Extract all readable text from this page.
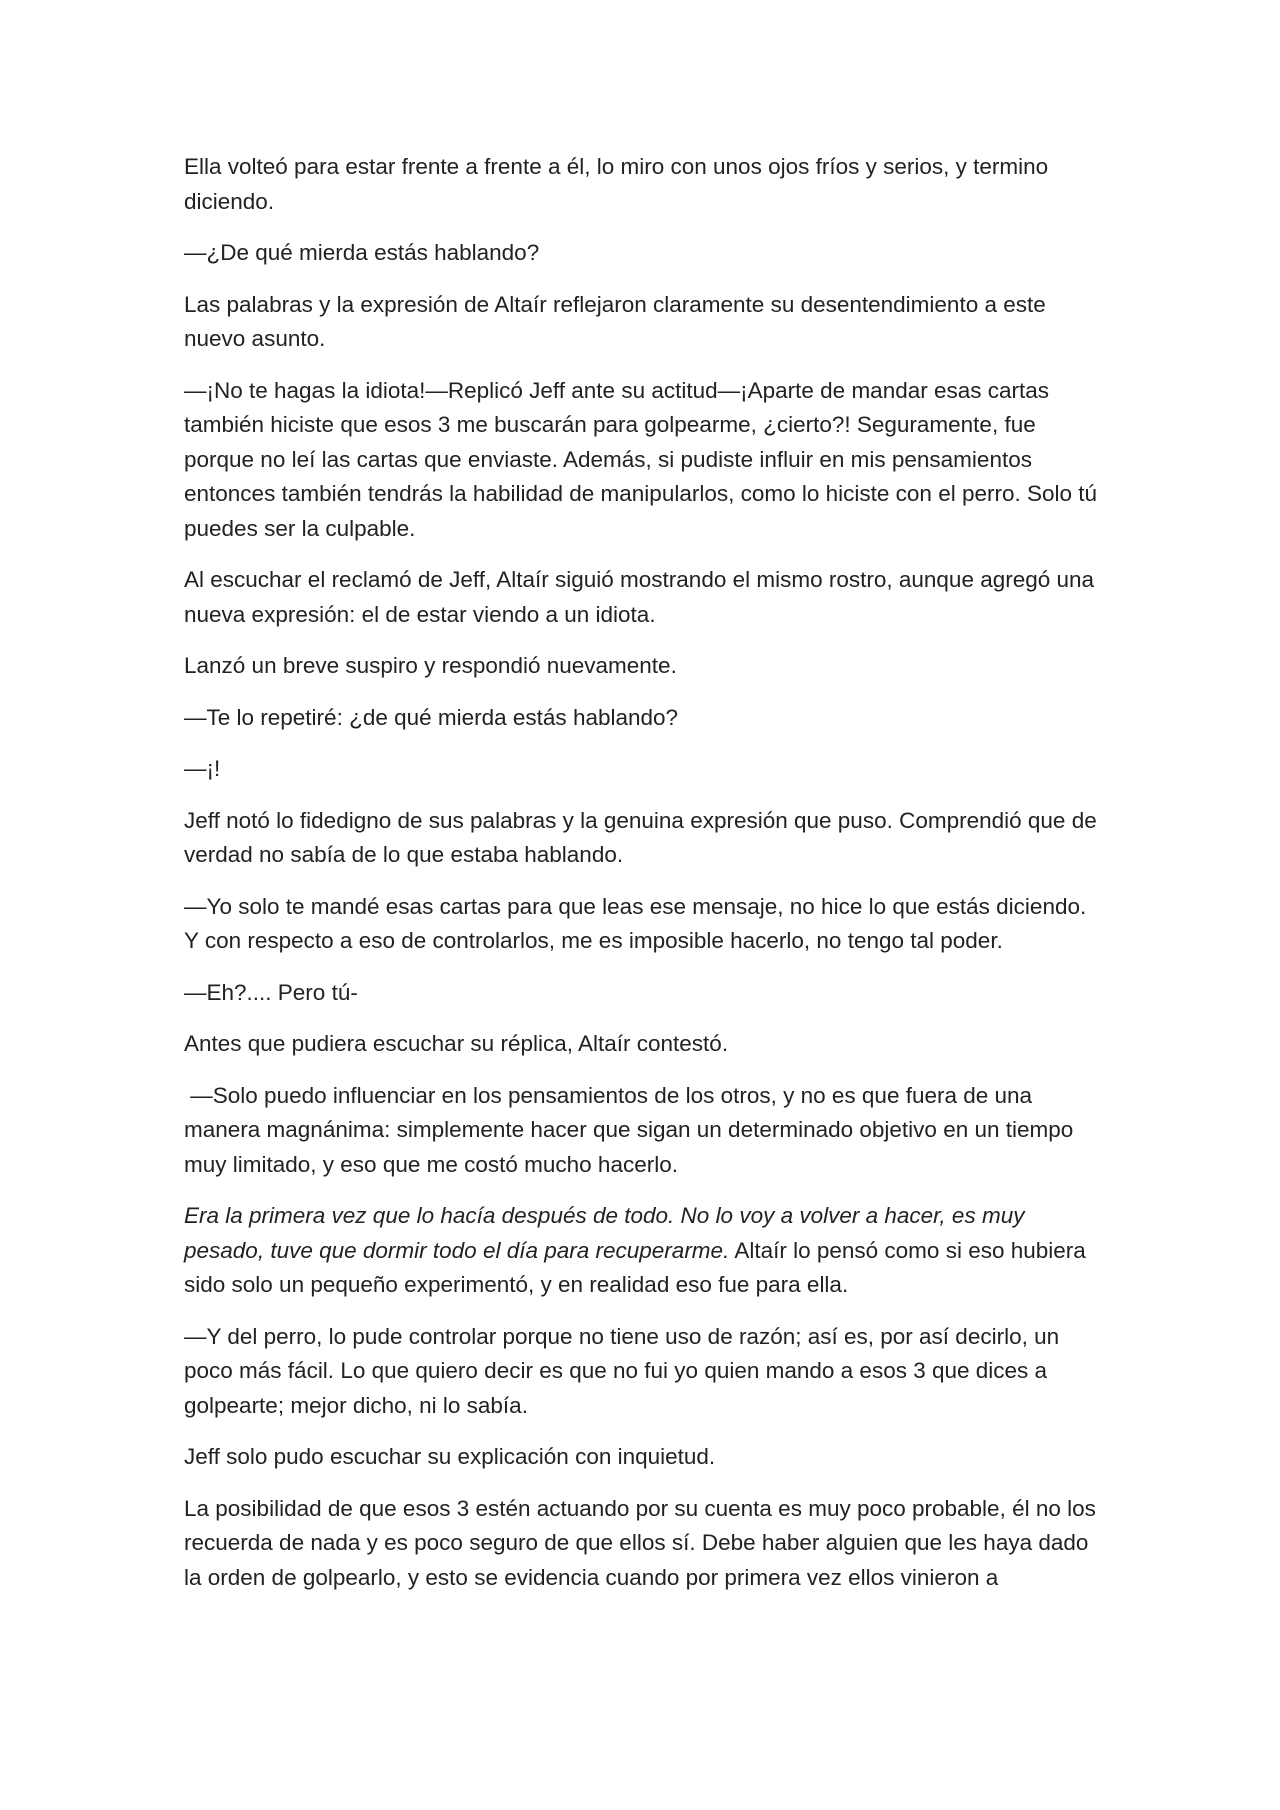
Ella volteó para estar frente a frente a él, lo miro con unos ojos fríos y serios, y termino diciendo.

—¿De qué mierda estás hablando?

Las palabras y la expresión de Altaír reflejaron claramente su desentendimiento a este nuevo asunto.

—¡No te hagas la idiota!—Replicó Jeff ante su actitud—¡Aparte de mandar esas cartas también hiciste que esos 3 me buscarán para golpearme, ¿cierto?! Seguramente, fue porque no leí las cartas que enviaste. Además, si pudiste influir en mis pensamientos entonces también tendrás la habilidad de manipularlos, como lo hiciste con el perro. Solo tú puedes ser la culpable.

Al escuchar el reclamó de Jeff, Altaír siguió mostrando el mismo rostro, aunque agregó una nueva expresión: el de estar viendo a un idiota.

Lanzó un breve suspiro y respondió nuevamente.

—Te lo repetiré: ¿de qué mierda estás hablando?

—¡!

Jeff notó lo fidedigno de sus palabras y la genuina expresión que puso. Comprendió que de verdad no sabía de lo que estaba hablando.

—Yo solo te mandé esas cartas para que leas ese mensaje, no hice lo que estás diciendo. Y con respecto a eso de controlarlos, me es imposible hacerlo, no tengo tal poder.

—Eh?.... Pero tú-

Antes que pudiera escuchar su réplica, Altaír contestó.

—Solo puedo influenciar en los pensamientos de los otros, y no es que fuera de una manera magnánima: simplemente hacer que sigan un determinado objetivo en un tiempo muy limitado, y eso que me costó mucho hacerlo.

Era la primera vez que lo hacía después de todo. No lo voy a volver a hacer, es muy pesado, tuve que dormir todo el día para recuperarme. Altaír lo pensó como si eso hubiera sido solo un pequeño experimentó, y en realidad eso fue para ella.

—Y del perro, lo pude controlar porque no tiene uso de razón; así es, por así decirlo, un poco más fácil. Lo que quiero decir es que no fui yo quien mando a esos 3 que dices a golpearte; mejor dicho, ni lo sabía.

Jeff solo pudo escuchar su explicación con inquietud.

La posibilidad de que esos 3 estén actuando por su cuenta es muy poco probable, él no los recuerda de nada y es poco seguro de que ellos sí. Debe haber alguien que les haya dado la orden de golpearlo, y esto se evidencia cuando por primera vez ellos vinieron a
